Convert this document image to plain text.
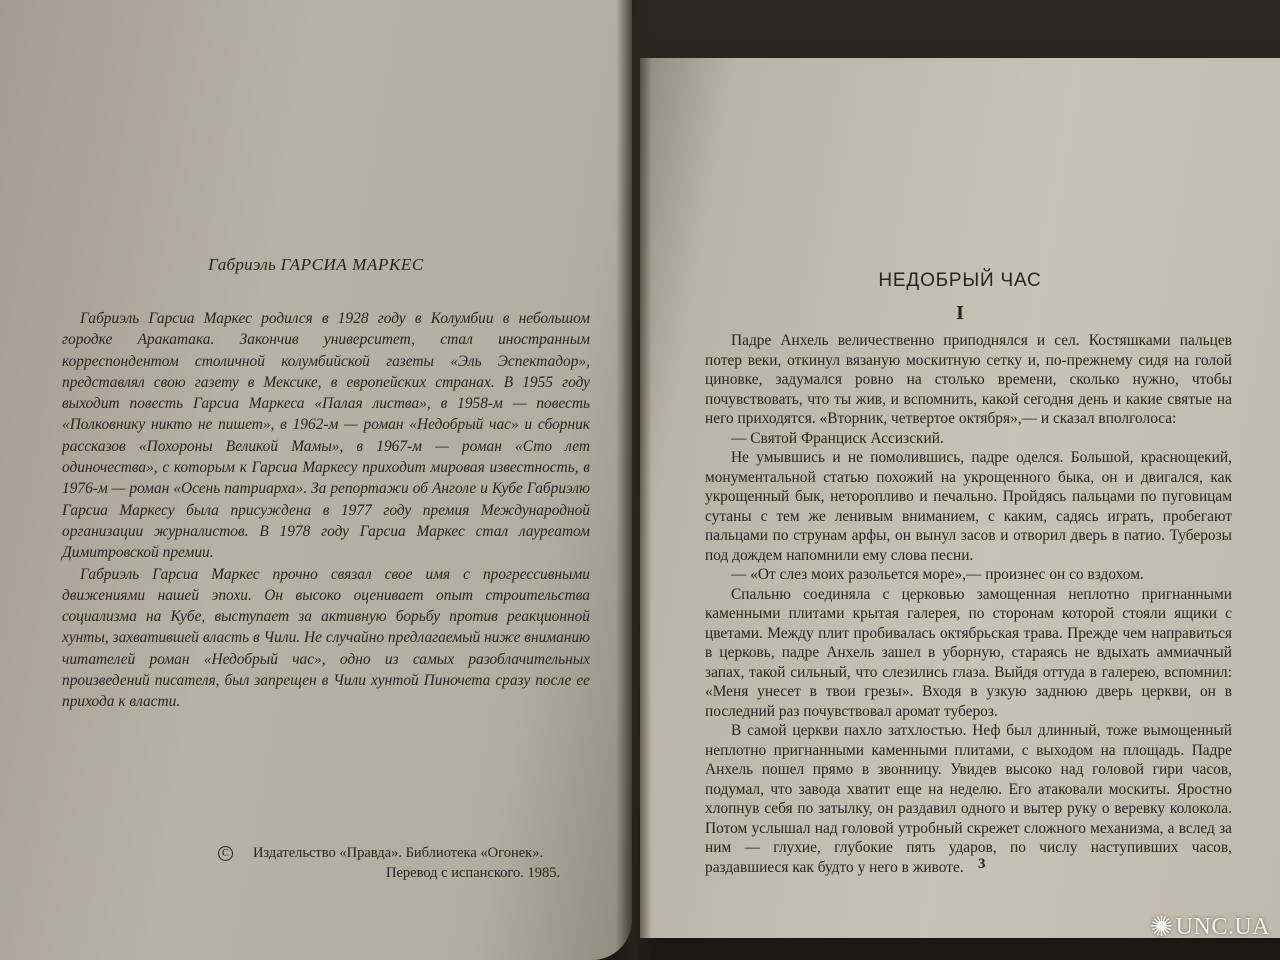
Габриэль ГАРСИА МАРКЕС

Габриэль Гарсиа Маркес родился в 1928 году в Колумбии в небольшом городке Аракатака. Закончив университет, стал иностранным корреспондентом столичной колумбийской газеты «Эль Эспектадор», представлял свою газету в Мексике, в европейских странах. В 1955 году выходит повесть Гарсиа Маркеса «Палая листва», в 1958-м — повесть «Полковнику никто не пишет», в 1962-м — роман «Недобрый час» и сборник рассказов «Похороны Великой Мамы», в 1967-м — роман «Сто лет одиночества», с которым к Гарсиа Маркесу приходит мировая известность, в 1976-м — роман «Осень патриарха». За репортажи об Анголе и Кубе Габриэлю Гарсиа Маркесу была присуждена в 1977 году премия Международной организации журналистов. В 1978 году Гарсиа Маркес стал лауреатом Димитровской премии.

Габриэль Гарсиа Маркес прочно связал свое имя с прогрессивными движениями нашей эпохи. Он высоко оценивает опыт строительства социализма на Кубе, выступает за активную борьбу против реакционной хунты, захватившей власть в Чили. Не случайно предлагаемый ниже вниманию читателей роман «Недобрый час», одно из самых разоблачительных произведений писателя, был запрещен в Чили хунтой Пиночета сразу после ее прихода к власти.

C Издательство «Правда». Библиотека «Огонек».
Перевод с испанского. 1985.
НЕДОБРЫЙ ЧАС
I

Падре Анхель величественно приподнялся и сел. Костяшками пальцев потер веки, откинул вязаную москитную сетку и, по-прежнему сидя на голой циновке, задумался ровно на столько времени, сколько нужно, чтобы почувствовать, что ты жив, и вспомнить, какой сегодня день и какие святые на него приходятся. «Вторник, четвертое октября»,— и сказал вполголоса:

— Святой Франциск Ассизский.

Не умывшись и не помолившись, падре оделся. Большой, краснощекий, монументальной статью похожий на укрощенного быка, он и двигался, как укрощенный бык, неторопливо и печально. Пройдясь пальцами по пуговицам сутаны с тем же ленивым вниманием, с каким, садясь играть, пробегают пальцами по струнам арфы, он вынул засов и отворил дверь в патио. Туберозы под дождем напомнили ему слова песни.

— «От слез моих разольется море»,— произнес он со вздохом.

Спальню соединяла с церковью замощенная неплотно пригнанными каменными плитами крытая галерея, по сторонам которой стояли ящики с цветами. Между плит пробивалась октябрьская трава. Прежде чем направиться в церковь, падре Анхель зашел в уборную, стараясь не вдыхать аммиачный запах, такой сильный, что слезились глаза. Выйдя оттуда в галерею, вспомнил: «Меня унесет в твои грезы». Входя в узкую заднюю дверь церкви, он в последний раз почувствовал аромат тубероз.

В самой церкви пахло затхлостью. Неф был длинный, тоже вымощенный неплотно пригнанными каменными плитами, с выходом на площадь. Падре Анхель пошел прямо в звонницу. Увидев высоко над головой гири часов, подумал, что завода хватит еще на неделю. Его атаковали москиты. Яростно хлопнув себя по затылку, он раздавил одного и вытер руку о веревку колокола. Потом услышал над головой утробный скрежет сложного механизма, а вслед за ним — глухие, глубокие пять ударов, по числу наступивших часов, раздавшиеся как будто у него в животе. 3
✺UNC.UA
